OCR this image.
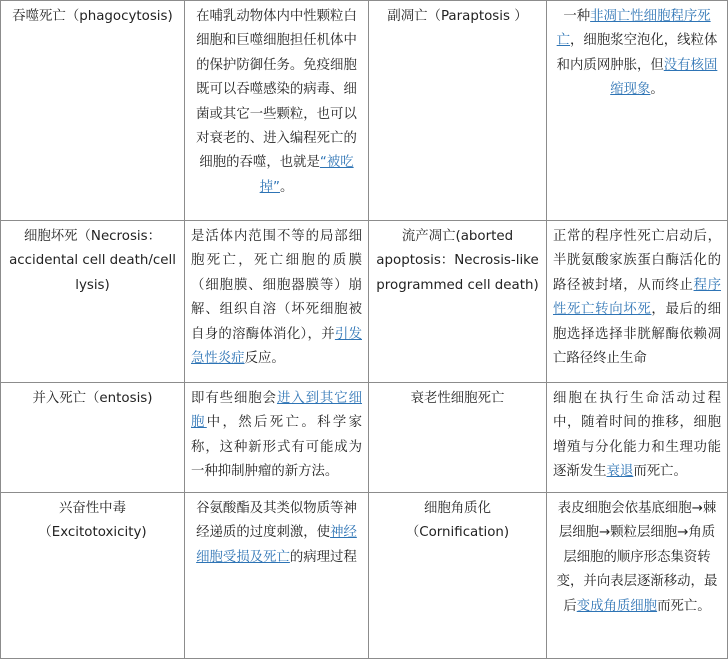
吞噬死亡（phagocytosis)	在哺乳动物体内中性颗粒白细胞和巨噬细胞担任机体中的保护防御任务。免疫细胞既可以吞噬感染的病毒、细菌或其它一些颗粒，也可以对衰老的、进入编程死亡的细胞的吞噬，也就是“被吃掉”。	副凋亡（Paraptosis ）	一种非凋亡性细胞程序死亡，细胞浆空泡化，线粒体和内质网肿胀，但没有核固缩现象。
细胞坏死（Necrosis：accidental cell death/cell lysis)	是活体内范围不等的局部细胞死亡，死亡细胞的质膜（细胞膜、细胞器膜等）崩解、组织自溶（坏死细胞被自身的溶酶体消化），并引发急性炎症反应。	流产凋亡(aborted apoptosis：Necrosis-like programmed cell death)	正常的程序性死亡启动后，半胱氨酸家族蛋白酶活化的路径被封堵，从而终止程序性死亡转向坏死，最后的细胞选择选择非胱解酶依赖凋亡路径终止生命
并入死亡（entosis)	即有些细胞会进入到其它细胞中，然后死亡。科学家称，这种新形式有可能成为一种抑制肿瘤的新方法。	衰老性细胞死亡	细胞在执行生命活动过程中，随着时间的推移，细胞增殖与分化能力和生理功能逐渐发生衰退而死亡。
兴奋性中毒（Excitotoxicity)	谷氨酸酯及其类似物质等神经递质的过度刺激，使神经细胞受损及死亡的病理过程	细胞角质化（Cornification)	表皮细胞会依基底细胞→棘层细胞→颗粒层细胞→角质层细胞的顺序形态集资转变，并向表层逐渐移动，最后变成角质细胞而死亡。
